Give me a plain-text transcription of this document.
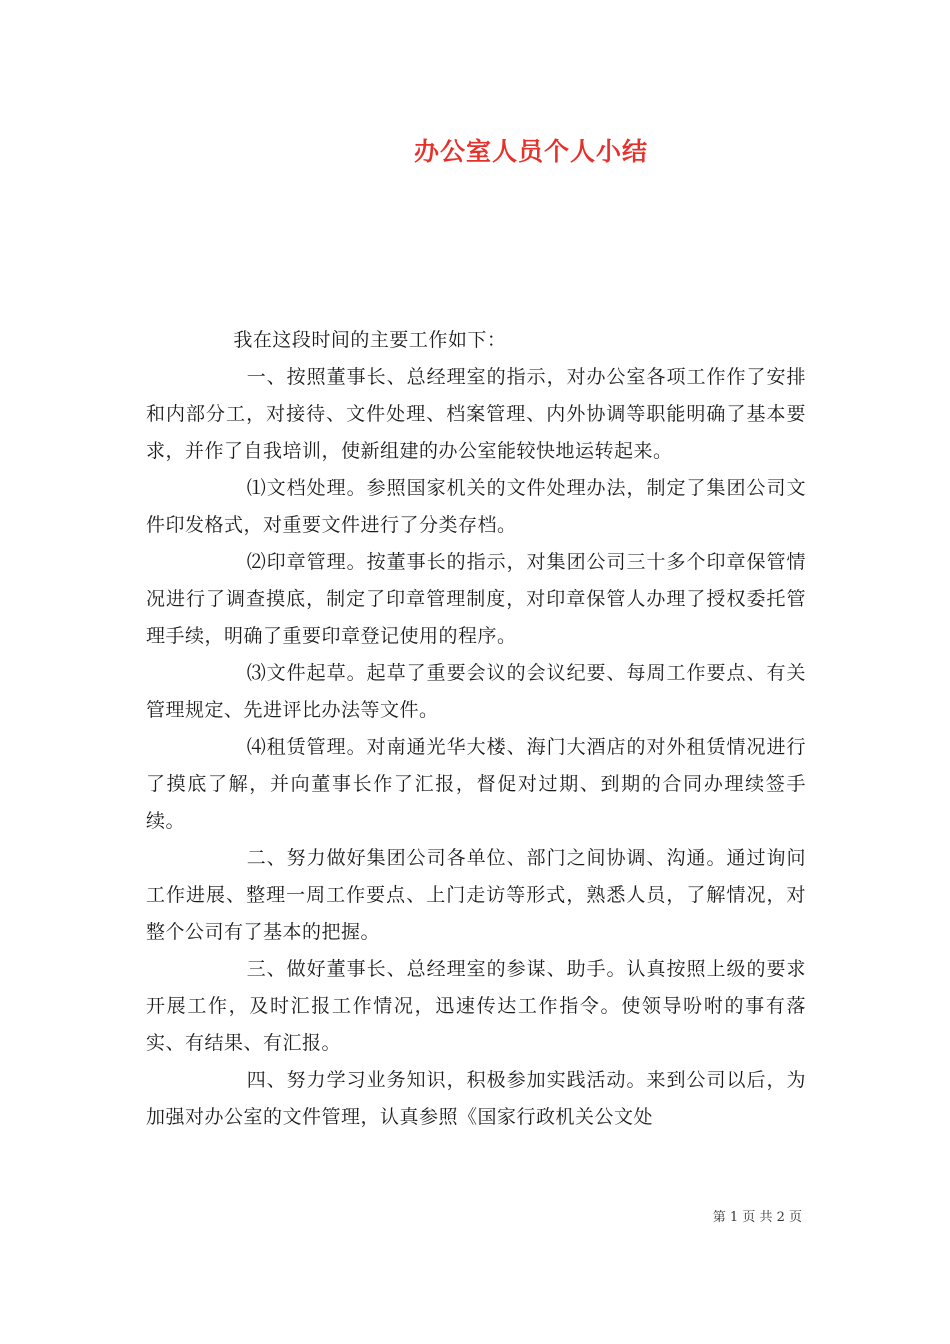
办公室人员个人小结

我在这段时间的主要工作如下：

一、按照董事长、总经理室的指示，对办公室各项工作作了安排和内部分工，对接待、文件处理、档案管理、内外协调等职能明确了基本要求，并作了自我培训，使新组建的办公室能较快地运转起来。

⑴文档处理。参照国家机关的文件处理办法，制定了集团公司文件印发格式，对重要文件进行了分类存档。

⑵印章管理。按董事长的指示，对集团公司三十多个印章保管情况进行了调查摸底，制定了印章管理制度，对印章保管人办理了授权委托管理手续，明确了重要印章登记使用的程序。

⑶文件起草。起草了重要会议的会议纪要、每周工作要点、有关管理规定、先进评比办法等文件。

⑷租赁管理。对南通光华大楼、海门大酒店的对外租赁情况进行了摸底了解，并向董事长作了汇报，督促对过期、到期的合同办理续签手续。

二、努力做好集团公司各单位、部门之间协调、沟通。通过询问工作进展、整理一周工作要点、上门走访等形式，熟悉人员，了解情况，对整个公司有了基本的把握。

三、做好董事长、总经理室的参谋、助手。认真按照上级的要求开展工作，及时汇报工作情况，迅速传达工作指令。使领导吩咐的事有落实、有结果、有汇报。

四、努力学习业务知识，积极参加实践活动。来到公司以后，为加强对办公室的文件管理，认真参照《国家行政机关公文处

第 1 页 共 2 页
